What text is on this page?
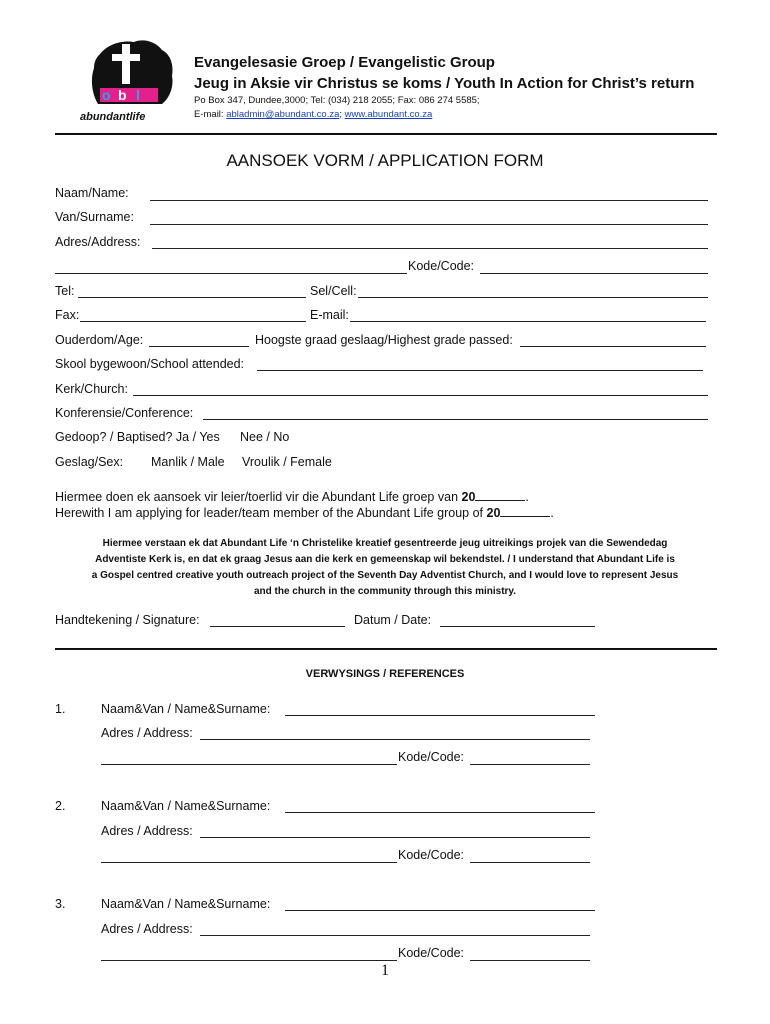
o b l
abundantlife
Evangelesasie Groep / Evangelistic Group
Jeug in Aksie vir Christus se koms / Youth In Action for Christ’s return
Po Box 347, Dundee,3000; Tel: (034) 218 2055; Fax: 086 274 5585;
E-mail: abladmin@abundant.co.za; www.abundant.co.za
AANSOEK VORM / APPLICATION FORM
Naam/Name:
Van/Surname:
Adres/Address:
Kode/Code:
Tel:	Sel/Cell:
Fax:	E-mail:
Ouderdom/Age:	Hoogste graad geslaag/Highest grade passed:
Skool bygewoon/School attended:
Kerk/Church:
Konferensie/Conference:
Gedoop? / Baptised? Ja / Yes Nee / No
Geslag/Sex: Manlik / Male Vroulik / Female
Hiermee doen ek aansoek vir leier/toerlid vir die Abundant Life groep van 20	.
Herewith I am applying for leader/team member of the Abundant Life group of 20	.
Hiermee verstaan ek dat Abundant Life ‘n Christelike kreatief gesentreerde jeug uitreikings projek van die Sewendedag
Adventiste Kerk is, en dat ek graag Jesus aan die kerk en gemeenskap wil bekendstel. / I understand that Abundant Life is
a Gospel centred creative youth outreach project of the Seventh Day Adventist Church, and I would love to represent Jesus
and the church in the community through this ministry.
Handtekening / Signature:	Datum / Date:
VERWYSINGS / REFERENCES
1.	Naam&Van / Name&Surname:
Adres / Address:
Kode/Code:
2.	Naam&Van / Name&Surname:
Adres / Address:
Kode/Code:
3.	Naam&Van / Name&Surname:
Adres / Address:
Kode/Code:
1
